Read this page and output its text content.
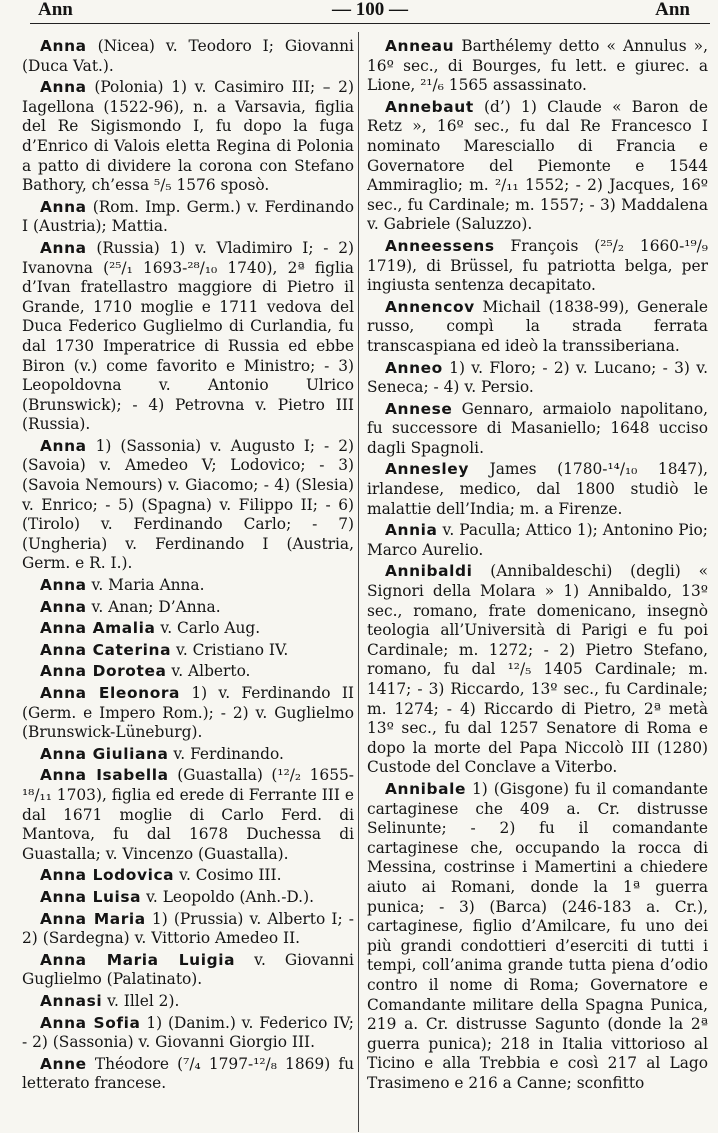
Ann	— 100 —	Ann

Anna (Nicea) v. Teodoro I; Giovanni (Duca Vat.).

Anna (Polonia) 1) v. Casimiro III; – 2) Iagellona (1522-96), n. a Varsavia, figlia del Re Sigismondo I, fu dopo la fuga d’Enrico di Valois eletta Regina di Polonia a patto di dividere la corona con Stefano Bathory, ch’essa ⁵/₅ 1576 sposò.

Anna (Rom. Imp. Germ.) v. Ferdinando I (Austria); Mattia.

Anna (Russia) 1) v. Vladimiro I; - 2) Ivanovna (²⁵/₁ 1693-²⁸/₁₀ 1740), 2ª figlia d’Ivan fratellastro maggiore di Pietro il Grande, 1710 moglie e 1711 vedova del Duca Federico Guglielmo di Curlandia, fu dal 1730 Imperatrice di Russia ed ebbe Biron (v.) come favorito e Ministro; - 3) Leopoldovna v. Antonio Ulrico (Brunswick); - 4) Petrovna v. Pietro III (Russia).

Anna 1) (Sassonia) v. Augusto I; - 2) (Savoia) v. Amedeo V; Lodovico; - 3) (Savoia Nemours) v. Giacomo; - 4) (Slesia) v. Enrico; - 5) (Spagna) v. Filippo II; - 6) (Tirolo) v. Ferdinando Carlo; - 7) (Ungheria) v. Ferdinando I (Austria, Germ. e R. I.).

Anna v. Maria Anna.

Anna v. Anan; D’Anna.

Anna Amalia v. Carlo Aug.

Anna Caterina v. Cristiano IV.

Anna Dorotea v. Alberto.

Anna Eleonora 1) v. Ferdinando II (Germ. e Impero Rom.); - 2) v. Guglielmo (Brunswick-Lüneburg).

Anna Giuliana v. Ferdinando.

Anna Isabella (Guastalla) (¹²/₂ 1655-¹⁸/₁₁ 1703), figlia ed erede di Ferrante III e dal 1671 moglie di Carlo Ferd. di Mantova, fu dal 1678 Duchessa di Guastalla; v. Vincenzo (Guastalla).

Anna Lodovica v. Cosimo III.

Anna Luisa v. Leopoldo (Anh.-D.).

Anna Maria 1) (Prussia) v. Alberto I; - 2) (Sardegna) v. Vittorio Amedeo II.

Anna Maria Luigia v. Giovanni Guglielmo (Palatinato).

Annasi v. Illel 2).

Anna Sofia 1) (Danim.) v. Federico IV; - 2) (Sassonia) v. Giovanni Giorgio III.

Anne Théodore (⁷/₄ 1797-¹²/₈ 1869) fu letterato francese.

Anneau Barthélemy detto « Annulus », 16º sec., di Bourges, fu lett. e giurec. a Lione, ²¹/₆ 1565 assassinato.

Annebaut (d’) 1) Claude « Baron de Retz », 16º sec., fu dal Re Francesco I nominato Maresciallo di Francia e Governatore del Piemonte e 1544 Ammiraglio; m. ²/₁₁ 1552; - 2) Jacques, 16º sec., fu Cardinale; m. 1557; - 3) Maddalena v. Gabriele (Saluzzo).

Anneessens François (²⁵/₂ 1660-¹⁹/₉ 1719), di Brüssel, fu patriotta belga, per ingiusta sentenza decapitato.

Annencov Michail (1838-99), Generale russo, compì la strada ferrata transcaspiana ed ideò la transsiberiana.

Anneo 1) v. Floro; - 2) v. Lucano; - 3) v. Seneca; - 4) v. Persio.

Annese Gennaro, armaiolo napolitano, fu successore di Masaniello; 1648 ucciso dagli Spagnoli.

Annesley James (1780-¹⁴/₁₀ 1847), irlandese, medico, dal 1800 studiò le malattie dell’India; m. a Firenze.

Annia v. Paculla; Attico 1); Antonino Pio; Marco Aurelio.

Annibaldi (Annibaldeschi) (degli) « Signori della Molara » 1) Annibaldo, 13º sec., romano, frate domenicano, insegnò teologia all’Università di Parigi e fu poi Cardinale; m. 1272; - 2) Pietro Stefano, romano, fu dal ¹²/₅ 1405 Cardinale; m. 1417; - 3) Riccardo, 13º sec., fu Cardinale; m. 1274; - 4) Riccardo di Pietro, 2ª metà 13º sec., fu dal 1257 Senatore di Roma e dopo la morte del Papa Niccolò III (1280) Custode del Conclave a Viterbo.

Annibale 1) (Gisgone) fu il comandante cartaginese che 409 a. Cr. distrusse Selinunte; - 2) fu il comandante cartaginese che, occupando la rocca di Messina, costrinse i Mamertini a chiedere aiuto ai Romani, donde la 1ª guerra punica; - 3) (Barca) (246-183 a. Cr.), cartaginese, figlio d’Amilcare, fu uno dei più grandi condottieri d’eserciti di tutti i tempi, coll’anima grande tutta piena d’odio contro il nome di Roma; Governatore e Comandante militare della Spagna Punica, 219 a. Cr. distrusse Sagunto (donde la 2ª guerra punica); 218 in Italia vittorioso al Ticino e alla Trebbia e così 217 al Lago Trasimeno e 216 a Canne; sconfitto
